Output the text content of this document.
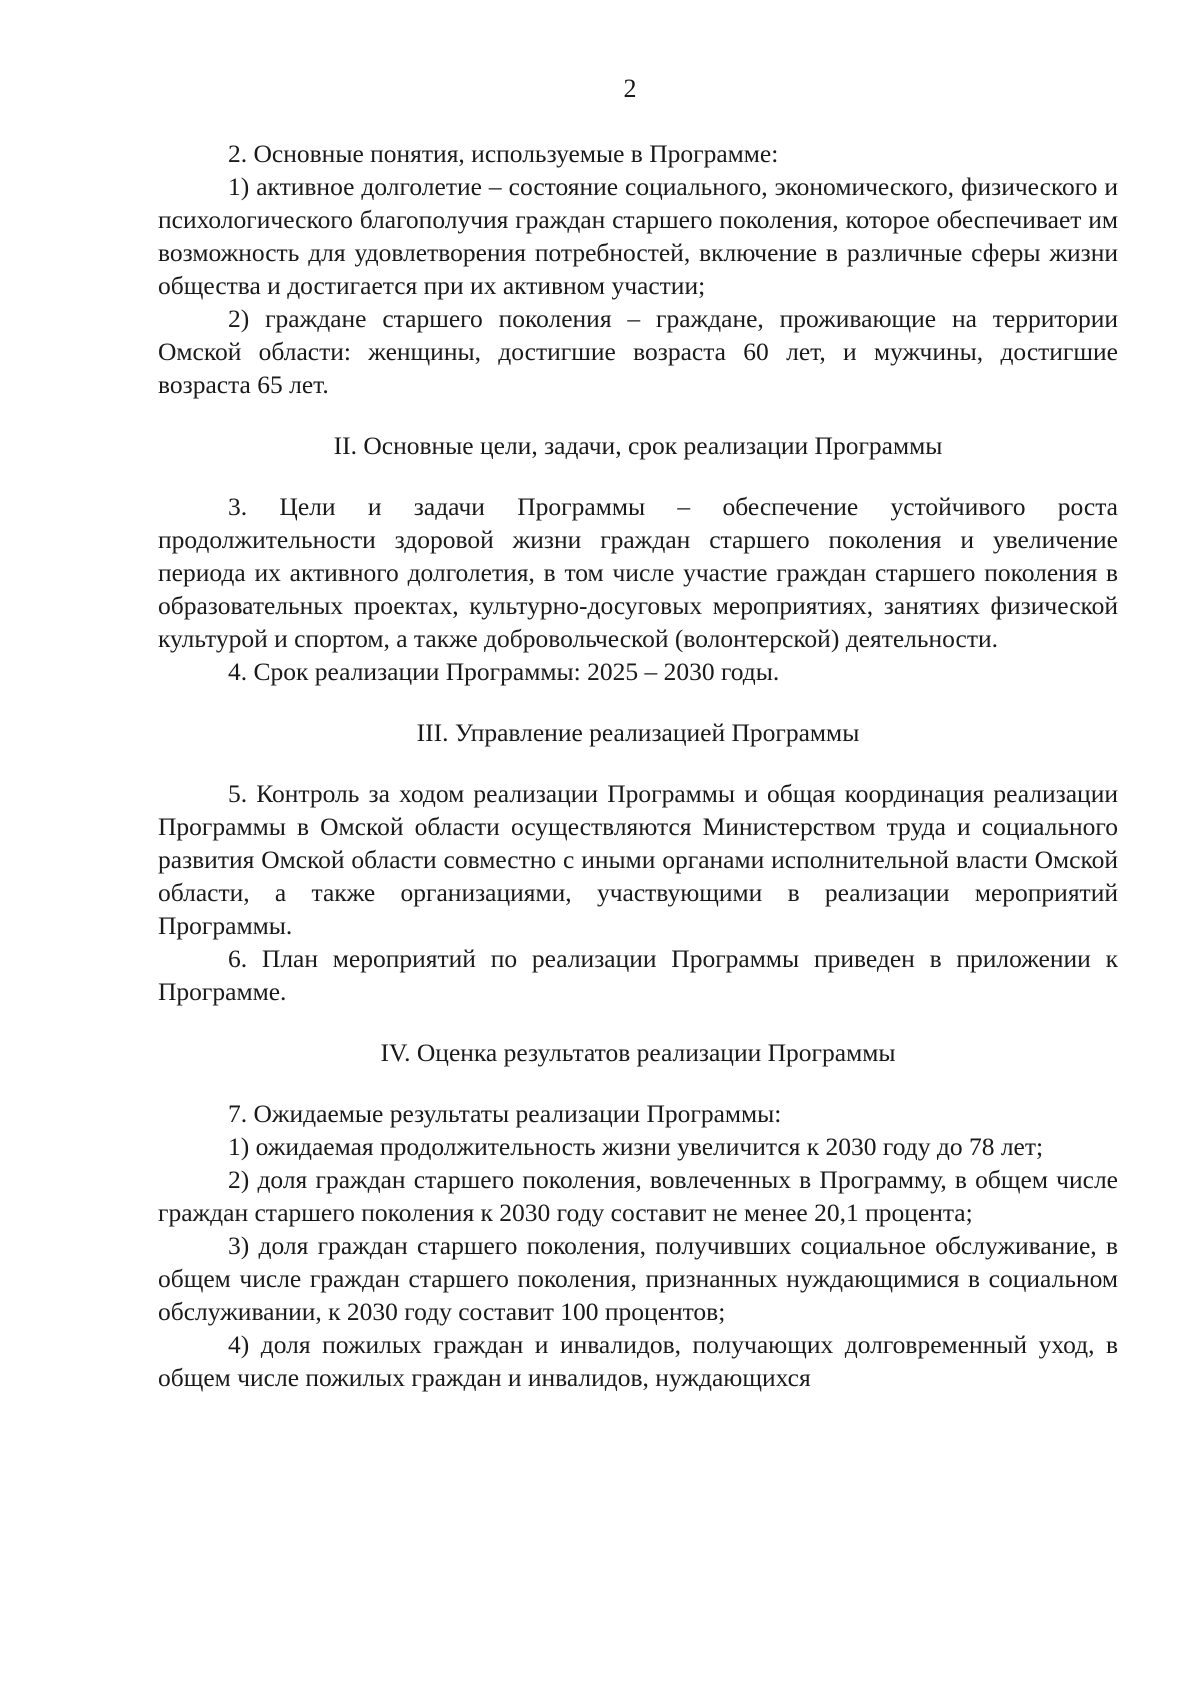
2

2. Основные понятия, используемые в Программе:

1) активное долголетие – состояние социального, экономического, физического и психологического благополучия граждан старшего поколения, которое обеспечивает им возможность для удовлетворения потребностей, включение в различные сферы жизни общества и достигается при их активном участии;

2) граждане старшего поколения – граждане, проживающие на территории Омской области: женщины, достигшие возраста 60 лет, и мужчины, достигшие возраста 65 лет.

II. Основные цели, задачи, срок реализации Программы

3. Цели и задачи Программы – обеспечение устойчивого роста продолжительности здоровой жизни граждан старшего поколения и увеличение периода их активного долголетия, в том числе участие граждан старшего поколения в образовательных проектах, культурно-досуговых мероприятиях, занятиях физической культурой и спортом, а также добровольческой (волонтерской) деятельности.

4. Срок реализации Программы: 2025 – 2030 годы.

III. Управление реализацией Программы

5. Контроль за ходом реализации Программы и общая координация реализации Программы в Омской области осуществляются Министерством труда и социального развития Омской области совместно с иными органами исполнительной власти Омской области, а также организациями, участвующими в реализации мероприятий Программы.

6. План мероприятий по реализации Программы приведен в приложении к Программе.

IV. Оценка результатов реализации Программы

7. Ожидаемые результаты реализации Программы:

1) ожидаемая продолжительность жизни увеличится к 2030 году до 78 лет;

2) доля граждан старшего поколения, вовлеченных в Программу, в общем числе граждан старшего поколения к 2030 году составит не менее 20,1 процента;

3) доля граждан старшего поколения, получивших социальное обслуживание, в общем числе граждан старшего поколения, признанных нуждающимися в социальном обслуживании, к 2030 году составит 100 процентов;

4) доля пожилых граждан и инвалидов, получающих долговременный уход, в общем числе пожилых граждан и инвалидов, нуждающихся
